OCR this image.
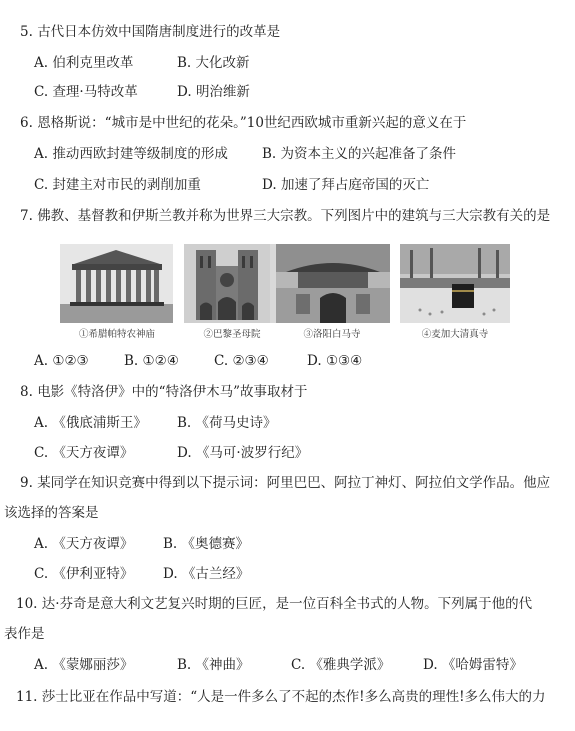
5. 古代日本仿效中国隋唐制度进行的改革是
A. 伯利克里改革	B. 大化改新
C. 查理·马特改革	D. 明治维新
6. 恩格斯说：“城市是中世纪的花朵。”10世纪西欧城市重新兴起的意义在于
A. 推动西欧封建等级制度的形成	B. 为资本主义的兴起准备了条件
C. 封建主对市民的剥削加重	D. 加速了拜占庭帝国的灭亡
7. 佛教、基督教和伊斯兰教并称为世界三大宗教。下列图片中的建筑与三大宗教有关的是
①希腊帕特农神庙	②巴黎圣母院	③洛阳白马寺	④麦加大清真寺
A. ①②③	B. ①②④	C. ②③④	D. ①③④
8. 电影《特洛伊》中的“特洛伊木马”故事取材于
A. 《俄底浦斯王》 B. 《荷马史诗》
C. 《天方夜谭》	D. 《马可·波罗行纪》
9. 某同学在知识竞赛中得到以下提示词：阿里巴巴、阿拉丁神灯、阿拉伯文学作品。他应
该选择的答案是
A. 《天方夜谭》 B. 《奥德赛》
C. 《伊利亚特》 D. 《古兰经》
10. 达·芬奇是意大利文艺复兴时期的巨匠，是一位百科全书式的人物。下列属于他的代
表作是
A. 《蒙娜丽莎》	B. 《神曲》	C. 《雅典学派》 D. 《哈姆雷特》
11. 莎士比亚在作品中写道：“人是一件多么了不起的杰作!多么高贵的理性!多么伟大的力
